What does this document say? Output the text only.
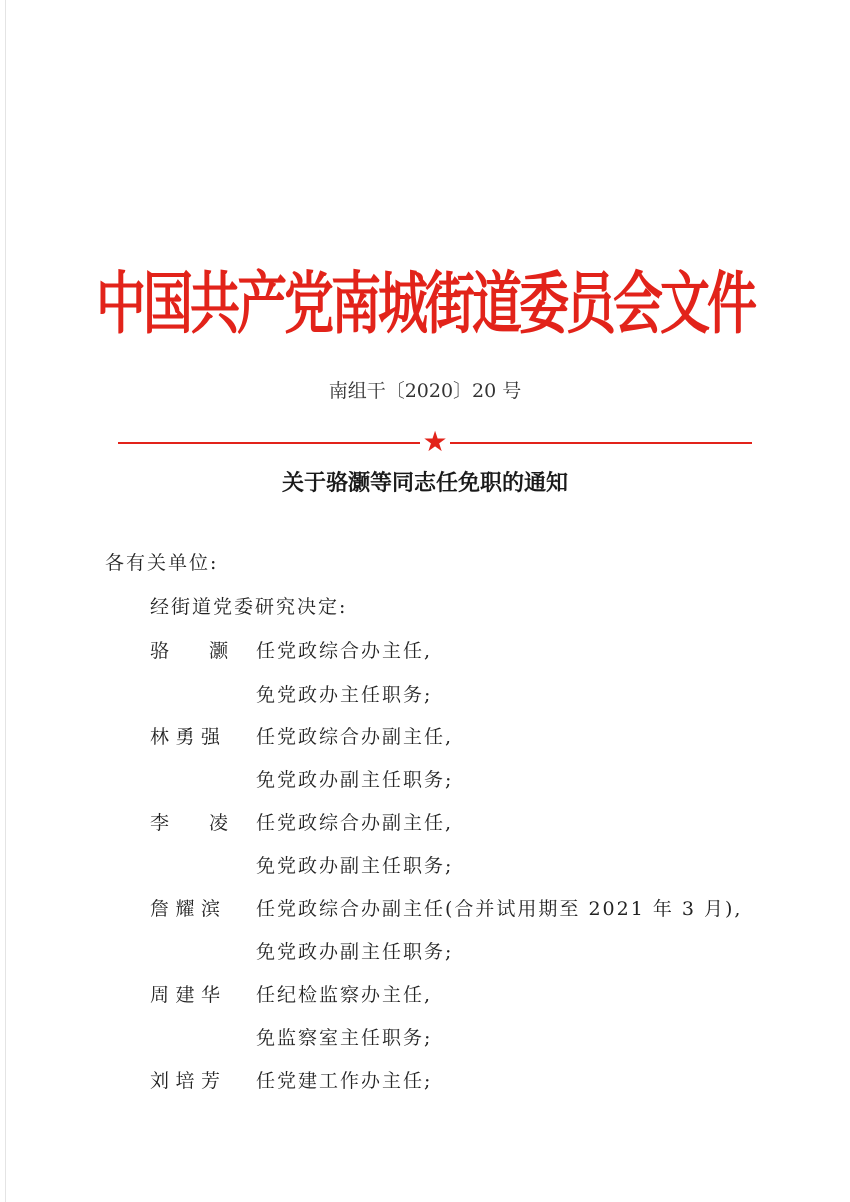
中国共产党南城街道委员会文件
南组干〔2020〕20 号
★
关于骆灏等同志任免职的通知
各有关单位:
经街道党委研究决定:
骆 灏 任党政综合办主任,
免党政办主任职务;
林 勇 强 任党政综合办副主任,
免党政办副主任职务;
李 凌 任党政综合办副主任,
免党政办副主任职务;
詹 耀 滨 任党政综合办副主任(合并试用期至 2021 年 3 月),
免党政办副主任职务;
周 建 华 任纪检监察办主任,
免监察室主任职务;
刘 培 芳 任党建工作办主任;
